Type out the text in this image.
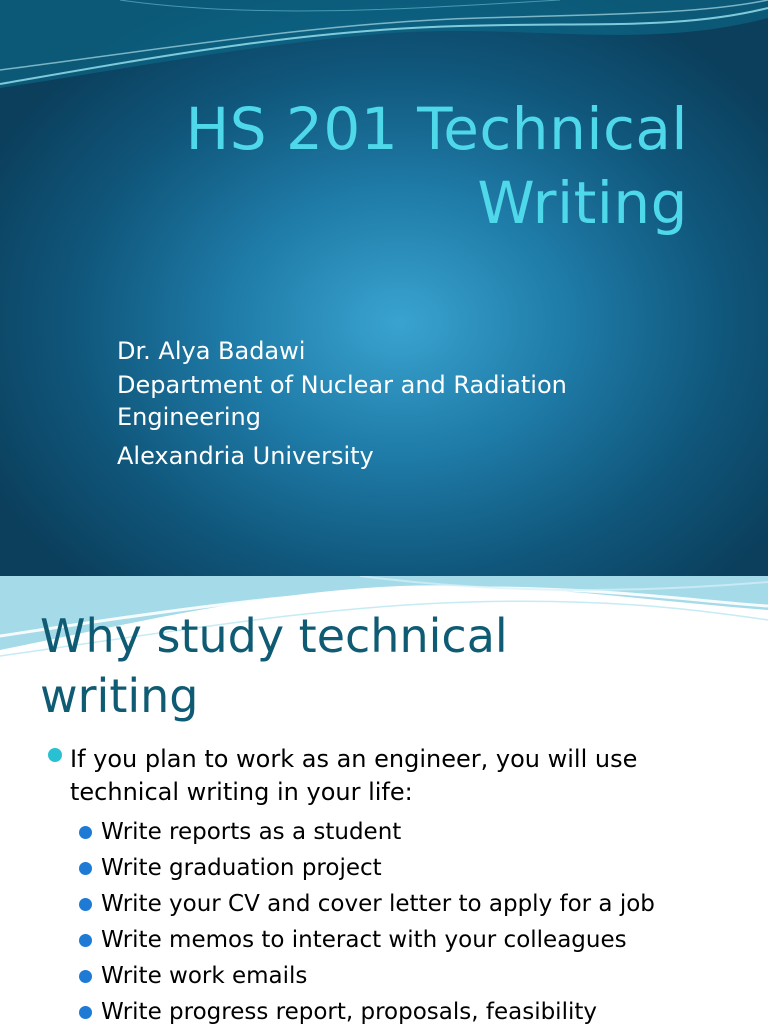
HS 201 Technical
Writing
Dr. Alya Badawi
Department of Nuclear and Radiation
Engineering
Alexandria University
Why study technical
writing
If you plan to work as an engineer, you will use technical writing in your life:
Write reports as a student
Write graduation project
Write your CV and cover letter to apply for a job
Write memos to interact with your colleagues
Write work emails
Write progress report, proposals, feasibility
